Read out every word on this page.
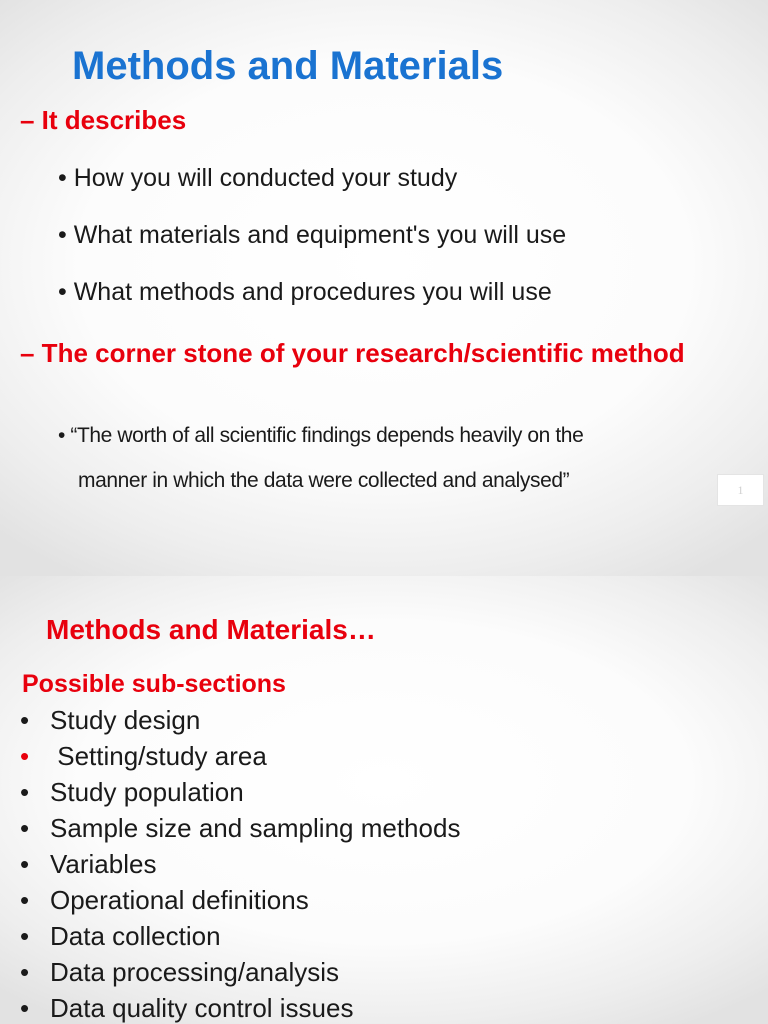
Methods and Materials
– It describes
• How you will conducted your study
• What materials and equipment's you will use
• What methods and procedures you will use
– The corner stone of your research/scientific method
• “The worth of all scientific findings depends heavily on the
manner in which the data were collected and analysed”	1
Methods and Materials…
Possible sub-sections
• Study design
• Setting/study area
• Study population
• Sample size and sampling methods
• Variables
• Operational definitions
• Data collection
• Data processing/analysis
• Data quality control issues
